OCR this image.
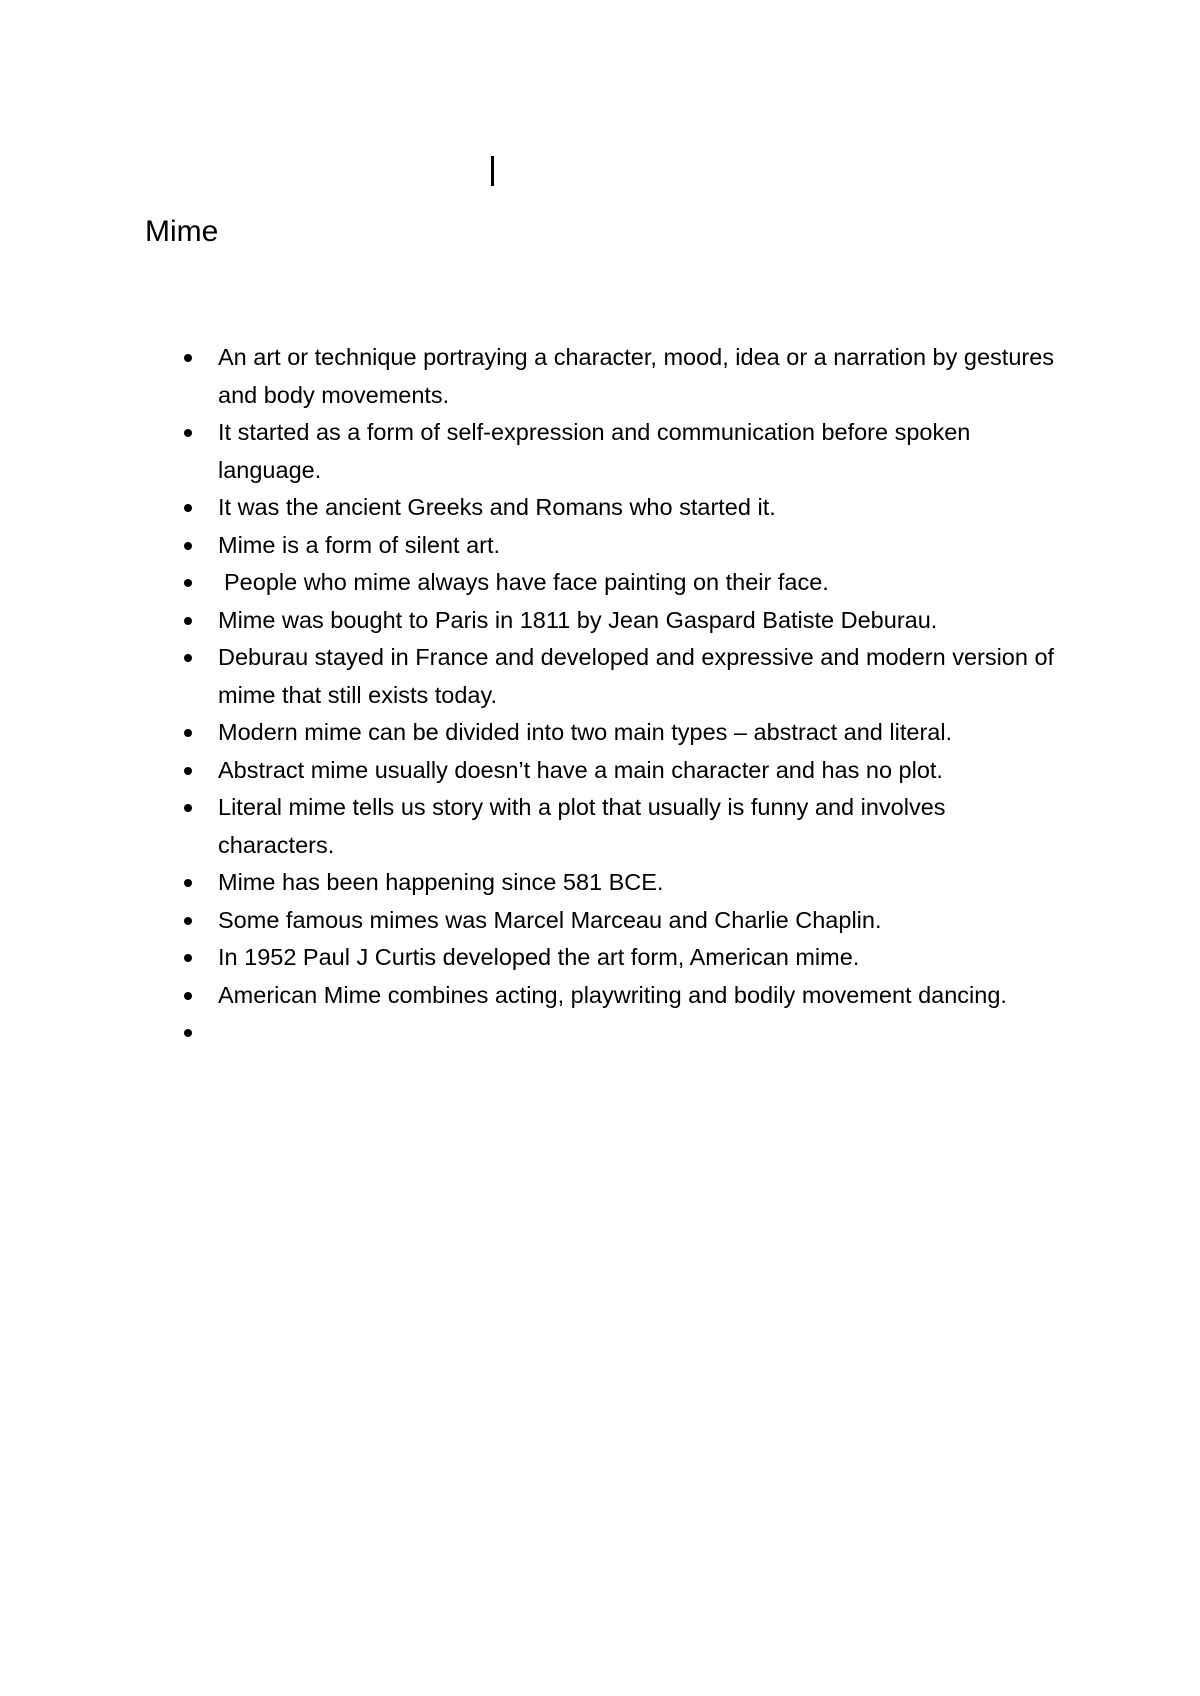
Mime
An art or technique portraying a character, mood, idea or a narration by gestures and body movements.
It started as a form of self-expression and communication before spoken language.
It was the ancient Greeks and Romans who started it.
Mime is a form of silent art.
People who mime always have face painting on their face.
Mime was bought to Paris in 1811 by Jean Gaspard Batiste Deburau.
Deburau stayed in France and developed and expressive and modern version of mime that still exists today.
Modern mime can be divided into two main types – abstract and literal.
Abstract mime usually doesn’t have a main character and has no plot.
Literal mime tells us story with a plot that usually is funny and involves characters.
Mime has been happening since 581 BCE.
Some famous mimes was Marcel Marceau and Charlie Chaplin.
In 1952 Paul J Curtis developed the art form, American mime.
American Mime combines acting, playwriting and bodily movement dancing.
